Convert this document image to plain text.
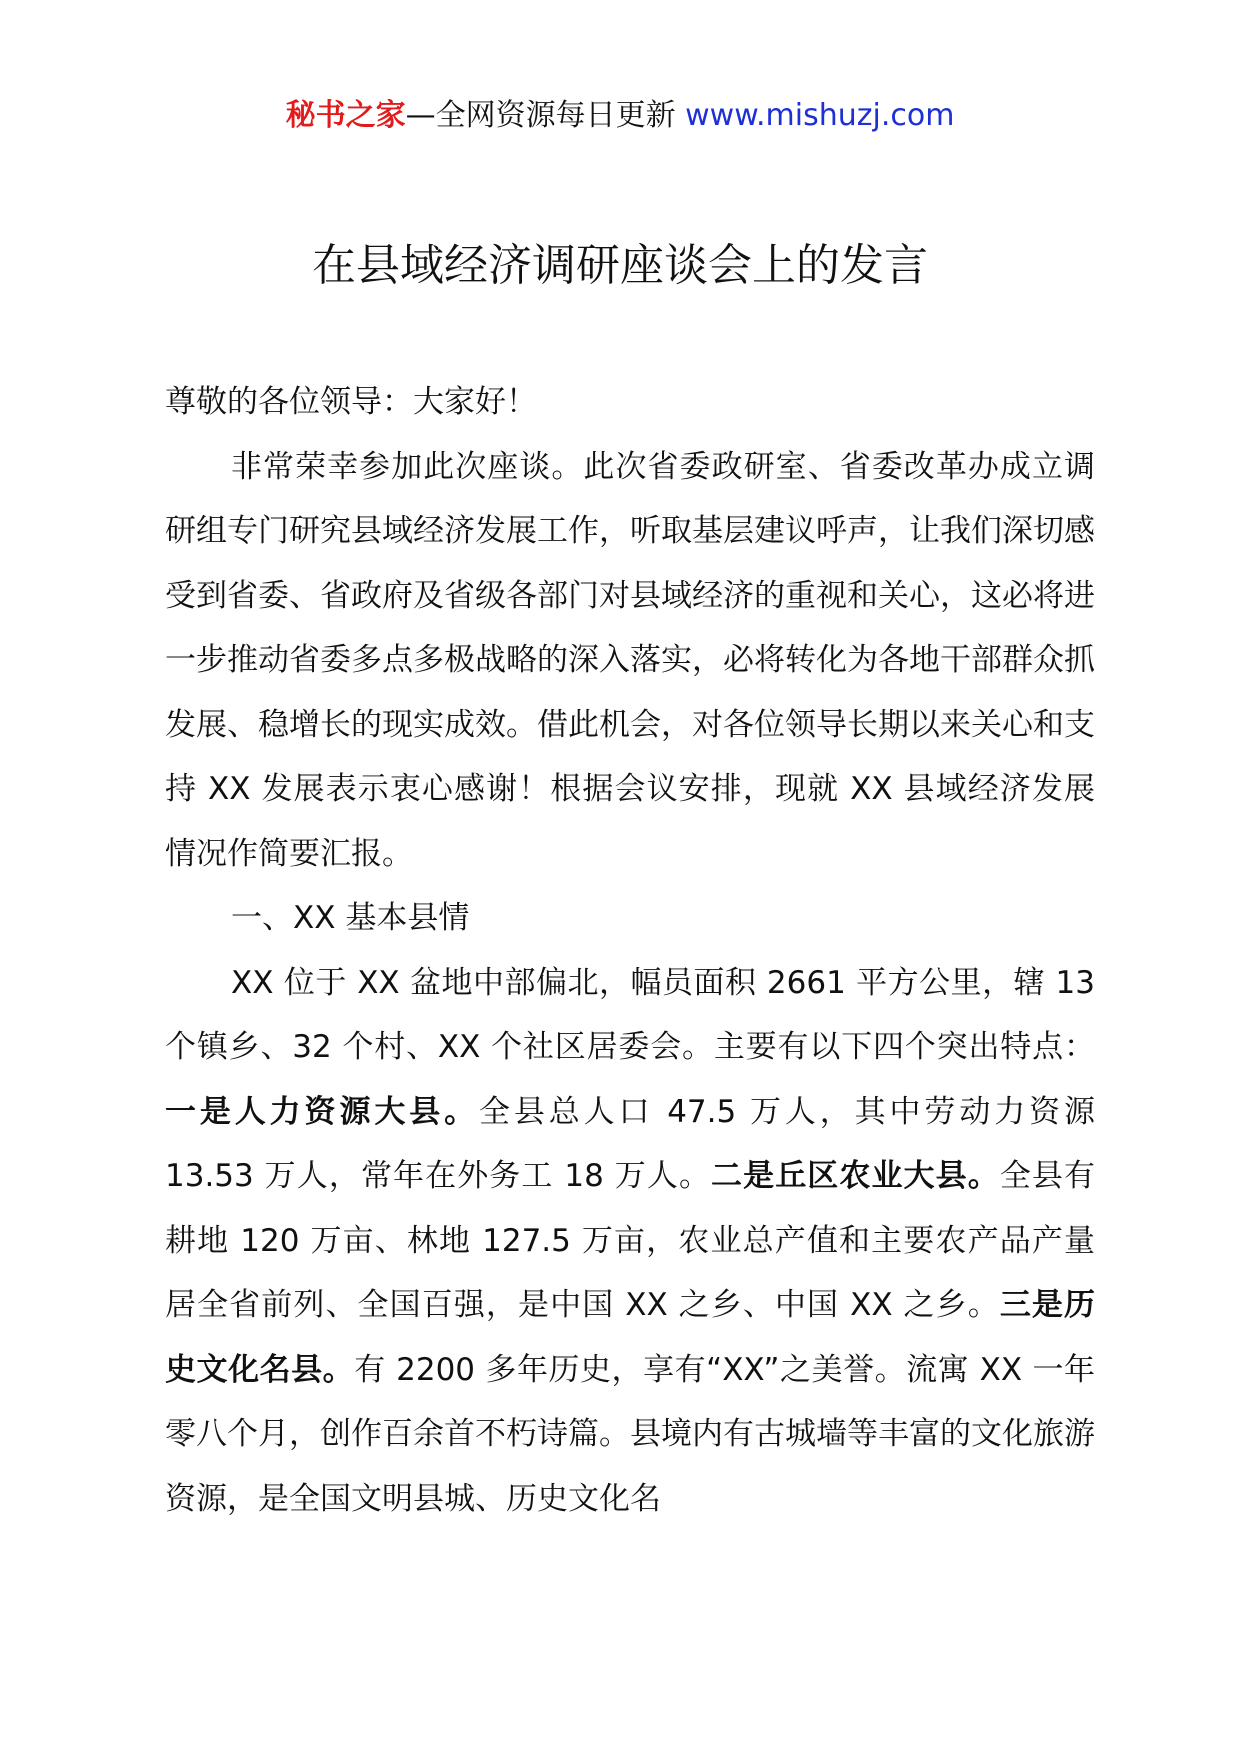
秘书之家—全网资源每日更新 www.mishuzj.com
在县域经济调研座谈会上的发言

尊敬的各位领导：大家好！

非常荣幸参加此次座谈。此次省委政研室、省委改革办成立调研组专门研究县域经济发展工作，听取基层建议呼声，让我们深切感受到省委、省政府及省级各部门对县域经济的重视和关心，这必将进一步推动省委多点多极战略的深入落实，必将转化为各地干部群众抓发展、稳增长的现实成效。借此机会，对各位领导长期以来关心和支持 XX 发展表示衷心感谢！根据会议安排，现就 XX 县域经济发展情况作简要汇报。

一、XX 基本县情

XX 位于 XX 盆地中部偏北，幅员面积 2661 平方公里，辖 13 个镇乡、32 个村、XX 个社区居委会。主要有以下四个突出特点：一是人力资源大县。全县总人口 47.5 万人，其中劳动力资源 13.53 万人，常年在外务工 18 万人。二是丘区农业大县。全县有耕地 120 万亩、林地 127.5 万亩，农业总产值和主要农产品产量居全省前列、全国百强，是中国 XX 之乡、中国 XX 之乡。三是历史文化名县。有 2200 多年历史，享有“XX”之美誉。流寓 XX 一年零八个月，创作百余首不朽诗篇。县境内有古城墙等丰富的文化旅游资源，是全国文明县城、历史文化名
